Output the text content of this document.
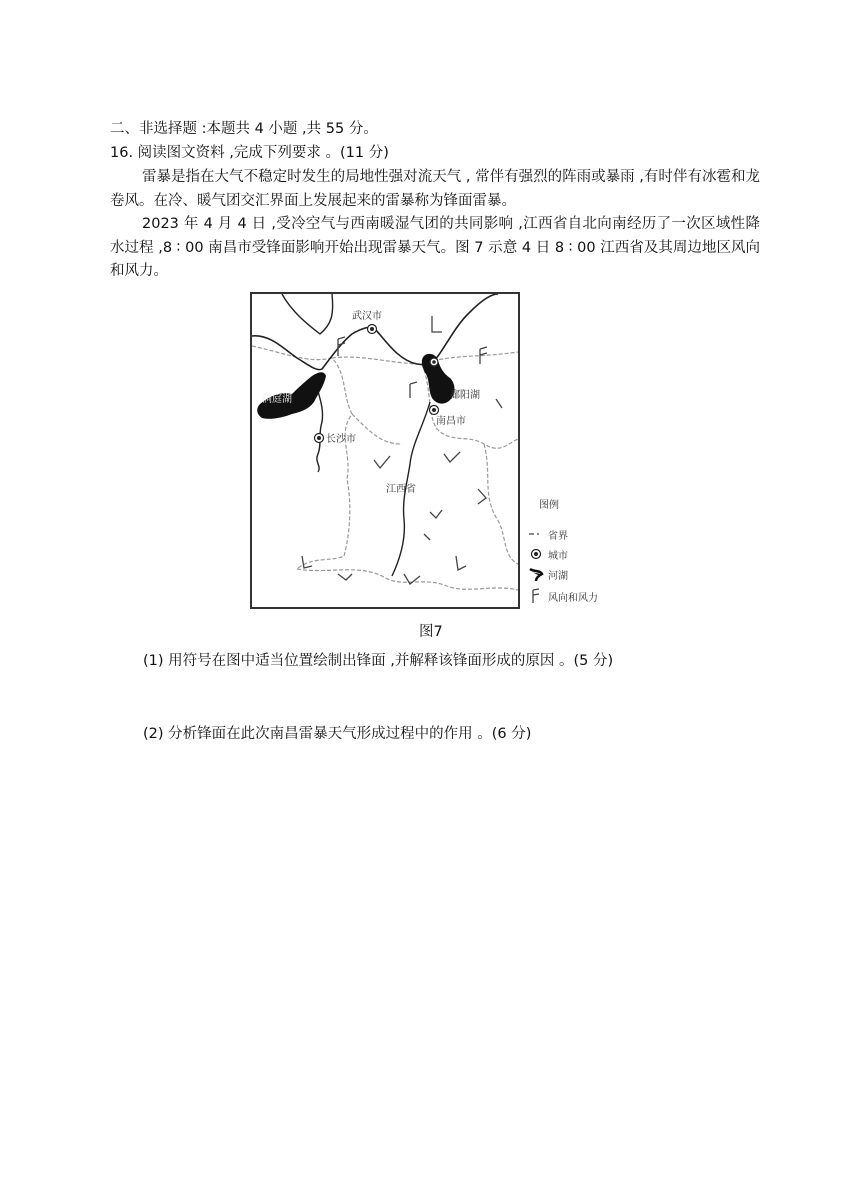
二、非选择题 :本题共 4 小题 ,共 55 分。
16. 阅读图文资料 ,完成下列要求 。(11 分)
雷暴是指在大气不稳定时发生的局地性强对流天气 , 常伴有强烈的阵雨或暴雨 ,有时伴有冰雹和龙卷风。在冷、暖气团交汇界面上发展起来的雷暴称为锋面雷暴。
2023 年 4 月 4 日 ,受冷空气与西南暖湿气团的共同影响 ,江西省自北向南经历了一次区域性降水过程 ,8 ∶ 00 南昌市受锋面影响开始出现雷暴天气。图 7 示意 4 日 8 ∶ 00 江西省及其周边地区风向和风力。
武汉市
洞庭湖
长沙市
鄱阳湖
南昌市
江西省
图例
省界
城市
河湖
风向和风力
图7
(1) 用符号在图中适当位置绘制出锋面 ,并解释该锋面形成的原因 。(5 分)
(2) 分析锋面在此次南昌雷暴天气形成过程中的作用 。(6 分)
